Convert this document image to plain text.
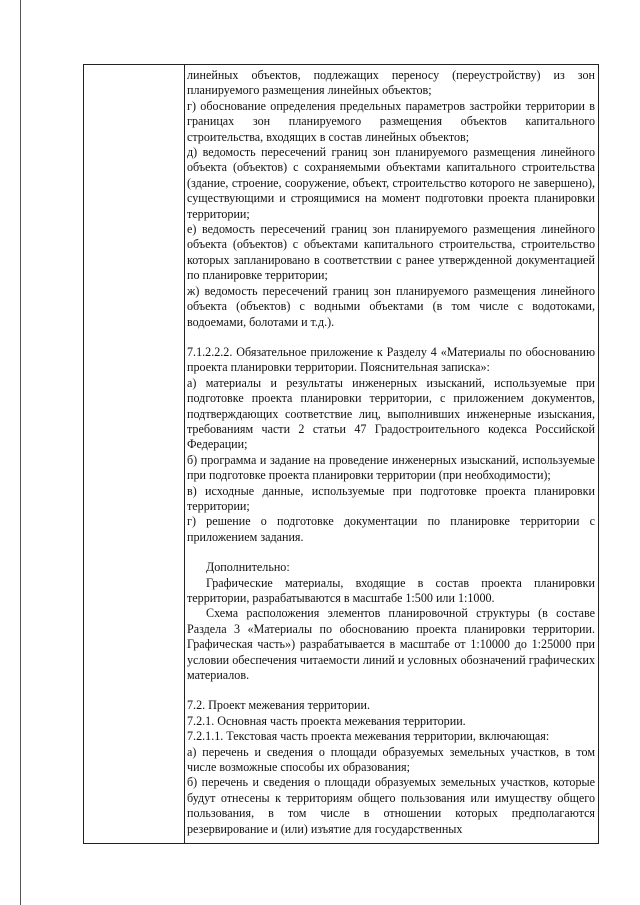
линейных объектов, подлежащих переносу (переустройству) из зон планируемого размещения линейных объектов;

г) обоснование определения предельных параметров застройки территории в границах зон планируемого размещения объектов капитального строительства, входящих в состав линейных объектов;

д) ведомость пересечений границ зон планируемого размещения линейного объекта (объектов) с сохраняемыми объектами капитального строительства (здание, строение, сооружение, объект, строительство которого не завершено), существующими и строящимися на момент подготовки проекта планировки территории;

е) ведомость пересечений границ зон планируемого размещения линейного объекта (объектов) с объектами капитального строительства, строительство которых запланировано в соответствии с ранее утвержденной документацией по планировке территории;

ж) ведомость пересечений границ зон планируемого размещения линейного объекта (объектов) с водными объектами (в том числе с водотоками, водоемами, болотами и т.д.).

7.1.2.2.2. Обязательное приложение к Разделу 4 «Материалы по обоснованию проекта планировки территории. Пояснительная записка»:

а) материалы и результаты инженерных изысканий, используемые при подготовке проекта планировки территории, с приложением документов, подтверждающих соответствие лиц, выполнивших инженерные изыскания, требованиям части 2 статьи 47 Градостроительного кодекса Российской Федерации;

б) программа и задание на проведение инженерных изысканий, используемые при подготовке проекта планировки территории (при необходимости);

в) исходные данные, используемые при подготовке проекта планировки территории;

г) решение о подготовке документации по планировке территории с приложением задания.

Дополнительно:

Графические материалы, входящие в состав проекта планировки территории, разрабатываются в масштабе 1:500 или 1:1000.

Схема расположения элементов планировочной структуры (в составе Раздела 3 «Материалы по обоснованию проекта планировки территории. Графическая часть») разрабатывается в масштабе от 1:10000 до 1:25000 при условии обеспечения читаемости линий и условных обозначений графических материалов.

7.2. Проект межевания территории.

7.2.1. Основная часть проекта межевания территории.

7.2.1.1. Текстовая часть проекта межевания территории, включающая:

а) перечень и сведения о площади образуемых земельных участков, в том числе возможные способы их образования;

б) перечень и сведения о площади образуемых земельных участков, которые будут отнесены к территориям общего пользования или имуществу общего пользования, в том числе в отношении которых предполагаются резервирование и (или) изъятие для государственных
